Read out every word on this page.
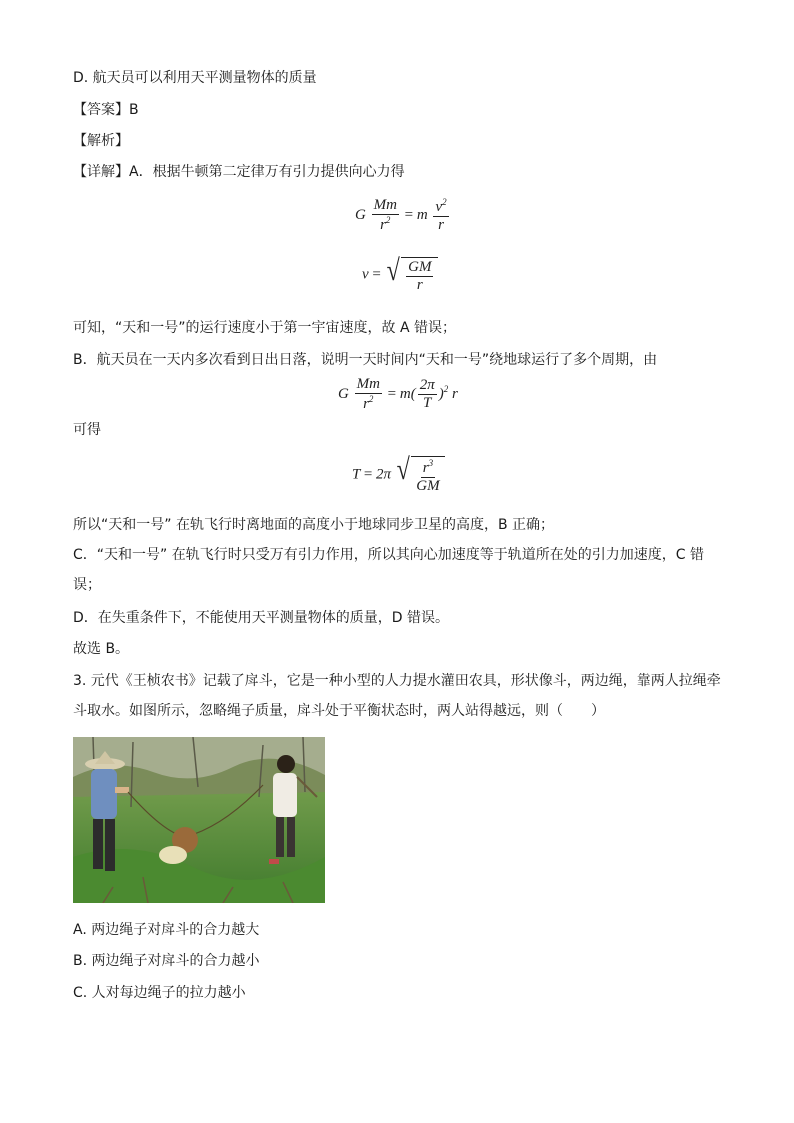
D. 航天员可以利用天平测量物体的质量
【答案】B
【解析】
【详解】A．根据牛顿第二定律万有引力提供向心力得
G $\frac{Mm}{r^2} = m \frac{v^2}{r}$
v = √ $\frac{GM}{r}$
可知，“天和一号”的运行速度小于第一宇宙速度，故 A 错误；
B．航天员在一天内多次看到日出日落，说明一天时间内“天和一号”绕地球运行了多个周期，由
G $\frac{Mm}{r^2} = m( \frac{2\pi}{T} )^2$ r
可得
T = 2π √ $\frac{r^3}{GM}$
所以“天和一号” 在轨飞行时离地面的高度小于地球同步卫星的高度，B 正确；
C．“天和一号” 在轨飞行时只受万有引力作用，所以其向心加速度等于轨道所在处的引力加速度，C 错误；
D．在失重条件下，不能使用天平测量物体的质量，D 错误。
故选 B。
3. 元代《王桢农书》记载了戽斗，它是一种小型的人力提水灌田农具，形状像斗，两边绳，靠两人拉绳牵斗取水。如图所示，忽略绳子质量，戽斗处于平衡状态时，两人站得越远，则（　　）
A. 两边绳子对戽斗的合力越大
B. 两边绳子对戽斗的合力越小
C. 人对每边绳子的拉力越小
